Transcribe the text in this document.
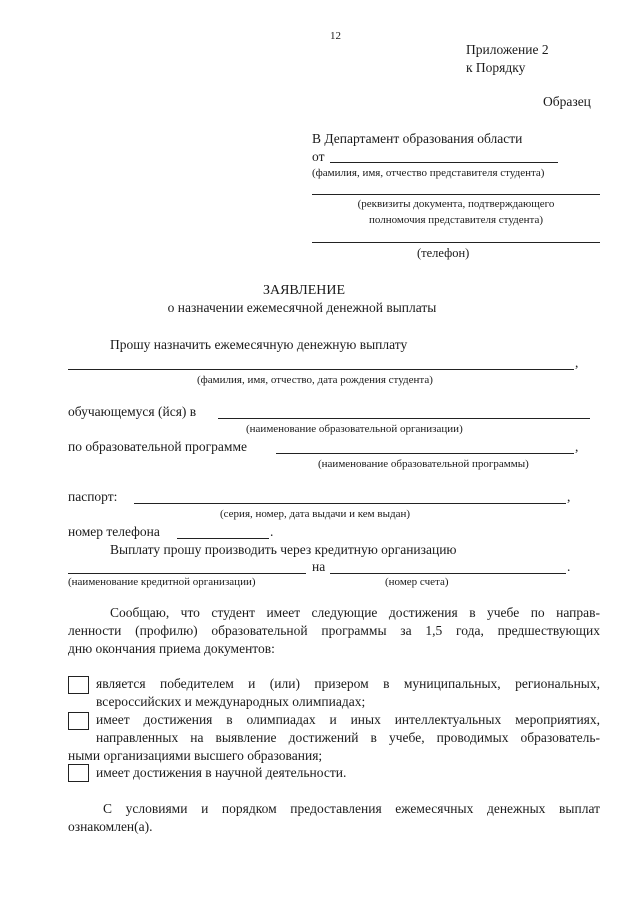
12
Приложение 2
к Порядку
Образец
В Департамент образования области
от
(фамилия, имя, отчество представителя студента)
(реквизиты документа, подтверждающего
полномочия представителя студента)
(телефон)
ЗАЯВЛЕНИЕ
о назначении ежемесячной денежной выплаты
Прошу назначить ежемесячную денежную выплату
,
(фамилия, имя, отчество, дата рождения студента)
обучающемуся (йся) в
(наименование образовательной организации)
по образовательной программе	,
(наименование образовательной программы)
паспорт:	,
(серия, номер, дата выдачи и кем выдан)
номер телефона	.
Выплату прошу производить через кредитную организацию
на	.
(наименование кредитной организации)	(номер счета)
Сообщаю, что студент имеет следующие достижения в учебе по направ-
ленности (профилю) образовательной программы за 1,5 года, предшествующих
дню окончания приема документов:
является победителем и (или) призером в муниципальных, региональных,
всероссийских и международных олимпиадах;
имеет достижения в олимпиадах и иных интеллектуальных мероприятиях,
направленных на выявление достижений в учебе, проводимых образователь-
ными организациями высшего образования;
имеет достижения в научной деятельности.
С условиями и порядком предоставления ежемесячных денежных выплат
ознакомлен(а).
